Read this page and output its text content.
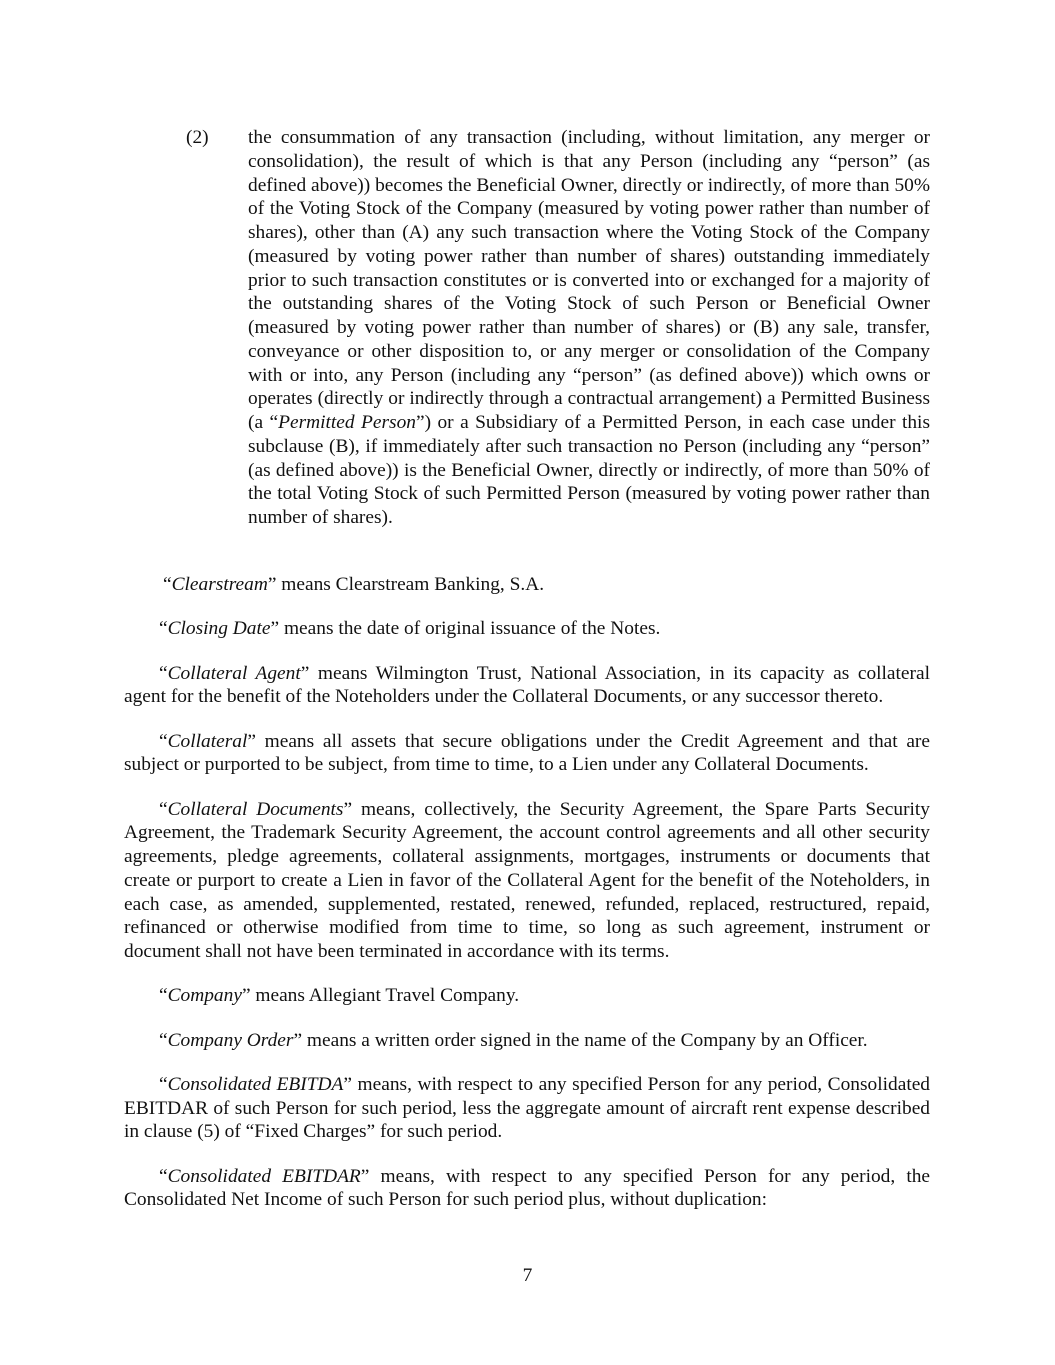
(2) the consummation of any transaction (including, without limitation, any merger or consolidation), the result of which is that any Person (including any “person” (as defined above)) becomes the Beneficial Owner, directly or indirectly, of more than 50% of the Voting Stock of the Company (measured by voting power rather than number of shares), other than (A) any such transaction where the Voting Stock of the Company (measured by voting power rather than number of shares) outstanding immediately prior to such transaction constitutes or is converted into or exchanged for a majority of the outstanding shares of the Voting Stock of such Person or Beneficial Owner (measured by voting power rather than number of shares) or (B) any sale, transfer, conveyance or other disposition to, or any merger or consolidation of the Company with or into, any Person (including any “person” (as defined above)) which owns or operates (directly or indirectly through a contractual arrangement) a Permitted Business (a “Permitted Person”) or a Subsidiary of a Permitted Person, in each case under this subclause (B), if immediately after such transaction no Person (including any “person” (as defined above)) is the Beneficial Owner, directly or indirectly, of more than 50% of the total Voting Stock of such Permitted Person (measured by voting power rather than number of shares).

“Clearstream” means Clearstream Banking, S.A.

“Closing Date” means the date of original issuance of the Notes.

“Collateral Agent” means Wilmington Trust, National Association, in its capacity as collateral agent for the benefit of the Noteholders under the Collateral Documents, or any successor thereto.

“Collateral” means all assets that secure obligations under the Credit Agreement and that are subject or purported to be subject, from time to time, to a Lien under any Collateral Documents.

“Collateral Documents” means, collectively, the Security Agreement, the Spare Parts Security Agreement, the Trademark Security Agreement, the account control agreements and all other security agreements, pledge agreements, collateral assignments, mortgages, instruments or documents that create or purport to create a Lien in favor of the Collateral Agent for the benefit of the Noteholders, in each case, as amended, supplemented, restated, renewed, refunded, replaced, restructured, repaid, refinanced or otherwise modified from time to time, so long as such agreement, instrument or document shall not have been terminated in accordance with its terms.

“Company” means Allegiant Travel Company.

“Company Order” means a written order signed in the name of the Company by an Officer.

“Consolidated EBITDA” means, with respect to any specified Person for any period, Consolidated EBITDAR of such Person for such period, less the aggregate amount of aircraft rent expense described in clause (5) of “Fixed Charges” for such period.

“Consolidated EBITDAR” means, with respect to any specified Person for any period, the Consolidated Net Income of such Person for such period plus, without duplication:

7
